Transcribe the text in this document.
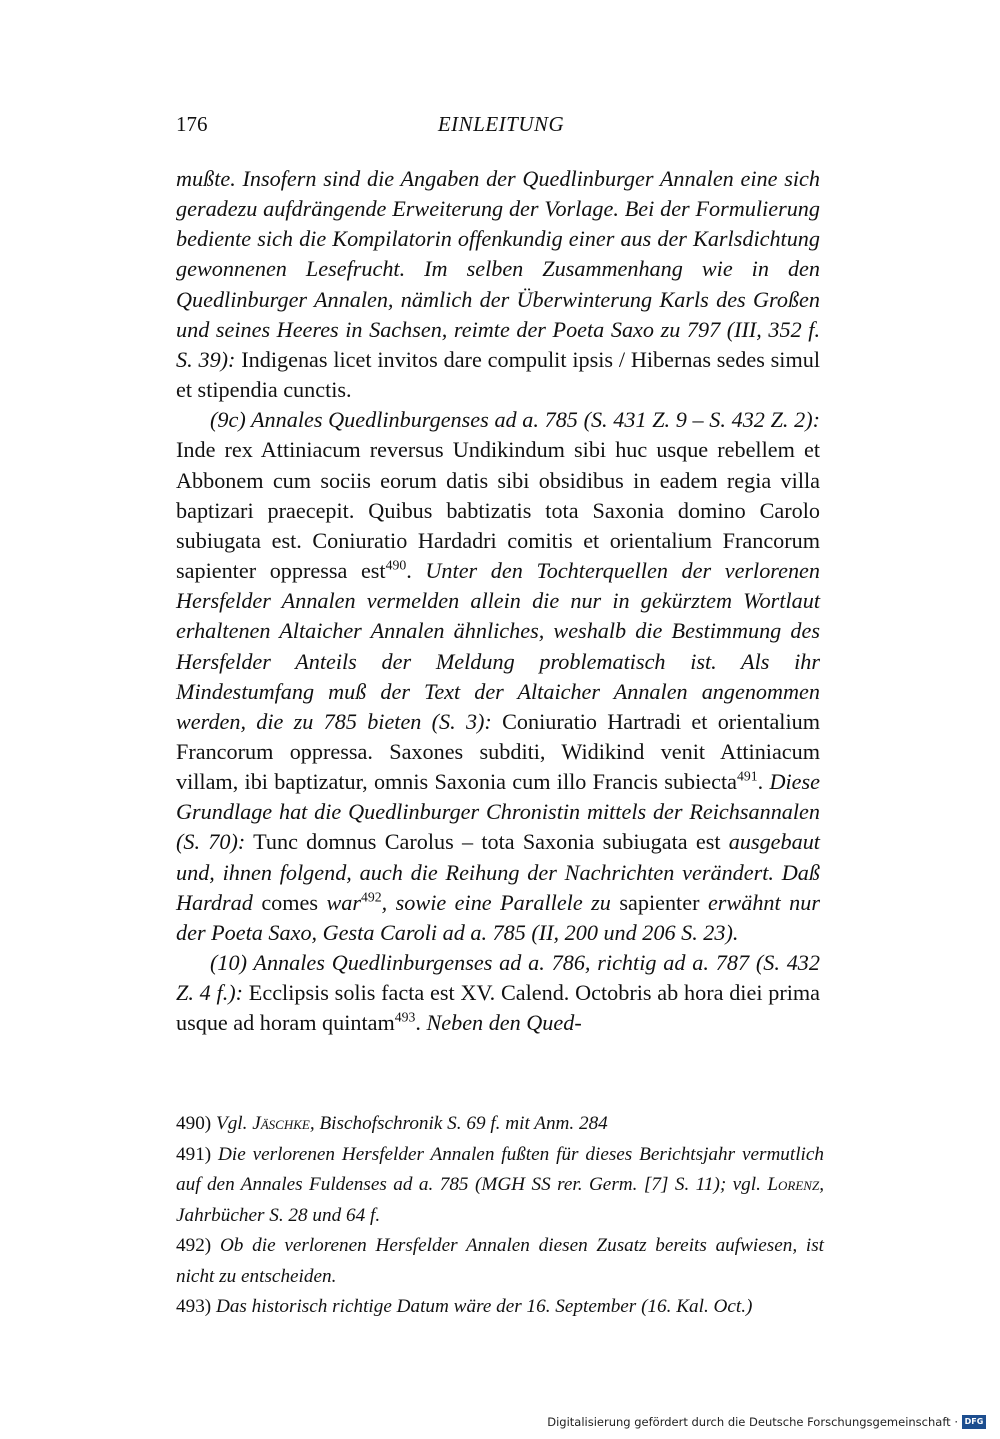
176	EINLEITUNG

mußte. Insofern sind die Angaben der Quedlinburger Annalen eine sich geradezu aufdrängende Erweiterung der Vorlage. Bei der Formulierung bediente sich die Kompilatorin offenkundig einer aus der Karlsdichtung gewonnenen Lesefrucht. Im selben Zusammenhang wie in den Quedlinburger Annalen, nämlich der Überwinterung Karls des Großen und seines Heeres in Sachsen, reimte der Poeta Saxo zu 797 (III, 352 f. S. 39): Indigenas licet invitos dare compulit ipsis / Hibernas sedes simul et stipendia cunctis.

(9c) Annales Quedlinburgenses ad a. 785 (S. 431 Z. 9 – S. 432 Z. 2): Inde rex Attiniacum reversus Undikindum sibi huc usque rebellem et Abbonem cum sociis eorum datis sibi obsidibus in eadem regia villa baptizari praecepit. Quibus babtizatis tota Saxonia domino Carolo subiugata est. Coniuratio Hardadri comitis et orientalium Francorum sapienter oppressa est$^{490}$. Unter den Tochterquellen der verlorenen Hersfelder Annalen vermelden allein die nur in gekürztem Wortlaut erhaltenen Altaicher Annalen ähnliches, weshalb die Bestimmung des Hersfelder Anteils der Meldung problematisch ist. Als ihr Mindestumfang muß der Text der Altaicher Annalen angenommen werden, die zu 785 bieten (S. 3): Coniuratio Hartradi et orientalium Francorum oppressa. Saxones subditi, Widikind venit Attiniacum villam, ibi baptizatur, omnis Saxonia cum illo Francis subiecta$^{491}$. Diese Grundlage hat die Quedlinburger Chronistin mittels der Reichsannalen (S. 70): Tunc domnus Carolus – tota Saxonia subiugata est ausgebaut und, ihnen folgend, auch die Reihung der Nachrichten verändert. Daß Hardrad comes war$^{492}$, sowie eine Parallele zu sapienter erwähnt nur der Poeta Saxo, Gesta Caroli ad a. 785 (II, 200 und 206 S. 23).

(10) Annales Quedlinburgenses ad a. 786, richtig ad a. 787 (S. 432 Z. 4 f.): Ecclipsis solis facta est XV. Calend. Octobris ab hora diei prima usque ad horam quintam$^{493}$. Neben den Qued-

490) Vgl. Jäschke, Bischofschronik S. 69 f. mit Anm. 284

491) Die verlorenen Hersfelder Annalen fußten für dieses Berichtsjahr vermutlich auf den Annales Fuldenses ad a. 785 (MGH SS rer. Germ. [7] S. 11); vgl. Lorenz, Jahrbücher S. 28 und 64 f.

492) Ob die verlorenen Hersfelder Annalen diesen Zusatz bereits aufwiesen, ist nicht zu entscheiden.

493) Das historisch richtige Datum wäre der 16. September (16. Kal. Oct.)

Digitalisierung gefördert durch die Deutsche Forschungsgemeinschaft · DFG
